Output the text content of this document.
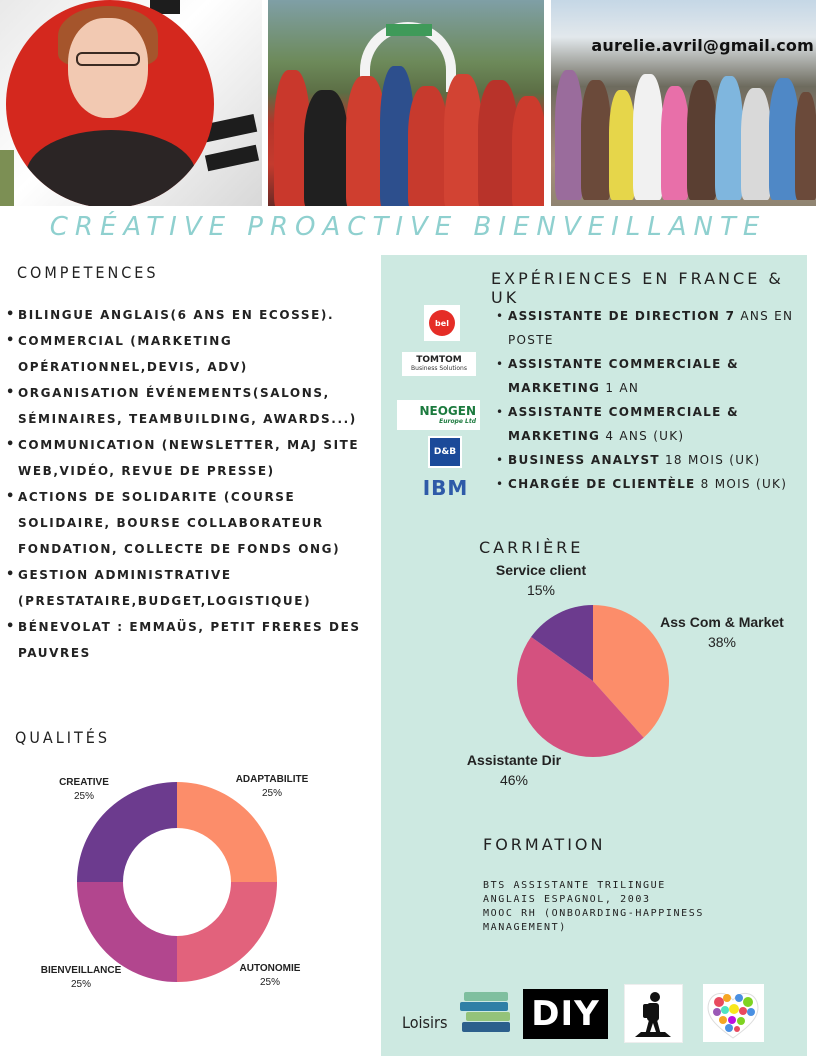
aurelie.avril@gmail.com
CRÉATIVE PROACTIVE BIENVEILLANTE
COMPETENCES
• BILINGUE ANGLAIS(6 ANS EN ECOSSE).
• COMMERCIAL (MARKETING OPÉRATIONNEL,DEVIS, ADV)
• ORGANISATION ÉVÉNEMENTS(SALONS, SÉMINAIRES, TEAMBUILDING, AWARDS...)
• COMMUNICATION (NEWSLETTER, MAJ SITE WEB,VIDÉO, REVUE DE PRESSE)
• ACTIONS DE SOLIDARITE (COURSE SOLIDAIRE, BOURSE COLLABORATEUR FONDATION, COLLECTE DE FONDS ONG)
• GESTION ADMINISTRATIVE (PRESTATAIRE,BUDGET,LOGISTIQUE)
• BÉNEVOLAT : EMMAÜS, PETIT FRERES DES PAUVRES
QUALITÉS
ADAPTABILITE
25%
AUTONOMIE
25%
BIENVEILLANCE
25%
CREATIVE
25%
EXPÉRIENCES EN FRANCE & UK
bel
TOMTOM
Business Solutions
NEOGEN
Europe Ltd
D&B
IBM
• ASSISTANTE DE DIRECTION 7 ANS EN POSTE
• ASSISTANTE COMMERCIALE & MARKETING 1 AN
• ASSISTANTE COMMERCIALE & MARKETING 4 ANS (UK)
• BUSINESS ANALYST 18 MOIS (UK)
• CHARGÉE DE CLIENTÈLE 8 MOIS (UK)
CARRIÈRE
Service client
15%
Ass Com & Market
38%
Assistante Dir
46%
FORMATION
BTS ASSISTANTE TRILINGUE
ANGLAIS ESPAGNOL, 2003
MOOC RH (ONBOARDING-HAPPINESS
MANAGEMENT)
Loisirs DIY
